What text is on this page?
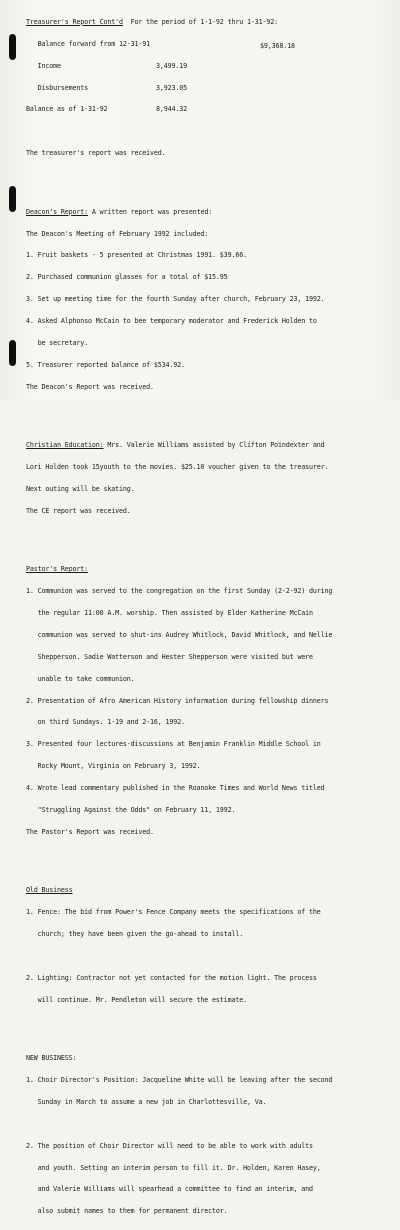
Treasurer's Report Cont'd  For the period of 1-1-92 thru 1-31-92:

Balance forward from 12-31-91	$9,368.18

Income	3,499.19

Disbursements	3,923.05

Balance as of 1-31-92	8,944.32

The treasurer's report was received.

Deacon's Report: A written report was presented:

The Deacon's Meeting of February 1992 included:

1. Fruit baskets - 5 presented at Christmas 1991. $39.66.

2. Purchased communion glasses for a total of $15.95

3. Set up meeting time for the fourth Sunday after church, February 23, 1992.

4. Asked Alphonso McCain to bee temporary moderator and Frederick Holden to

be secretary.

5. Treasurer reported balance of $534.92.

The Deacon's Report was received.

Christian Education: Mrs. Valerie Williams assisted by Clifton Poindexter and

Lori Holden took 15youth to the movies. $25.10 voucher given to the treasurer.

Next outing will be skating.

The CE report was received.

Pastor's Report:

1. Communion was served to the congregation on the first Sunday (2-2-92) during

the regular 11:00 A.M. worship. Then assisted by Elder Katherine McCain

communion was served to shut-ins Audrey Whitlock, David Whitlock, and Nellie

Shepperson. Sadie Watterson and Hester Shepperson were visited but were

unable to take communion.

2. Presentation of Afro American History information during fellowship dinners

on third Sundays. 1-19 and 2-16, 1992.

3. Presented four lectures-discussions at Benjamin Franklin Middle School in

Rocky Mount, Virginia on February 3, 1992.

4. Wrote lead commentary published in the Roanoke Times and World News titled

"Struggling Against the Odds" on February 11, 1992.

The Pastor's Report was received.

Old Business

1. Fence: The bid from Power's Fence Company meets the specifications of the

church; they have been given the go-ahead to install.

2. Lighting: Contractor not yet contacted for the motion light. The process

will continue. Mr. Pendleton will secure the estimate.

NEW BUSINESS:

1. Choir Director's Position: Jacqueline White will be leaving after the second

Sunday in March to assume a new job in Charlottesville, Va.

2. The position of Choir Director will need to be able to work with adults

and youth. Setting an interim person to fill it. Dr. Holden, Karen Hasey,

and Valerie Williams will spearhead a committee to find an interim, and

also submit names to them for permanent director.
